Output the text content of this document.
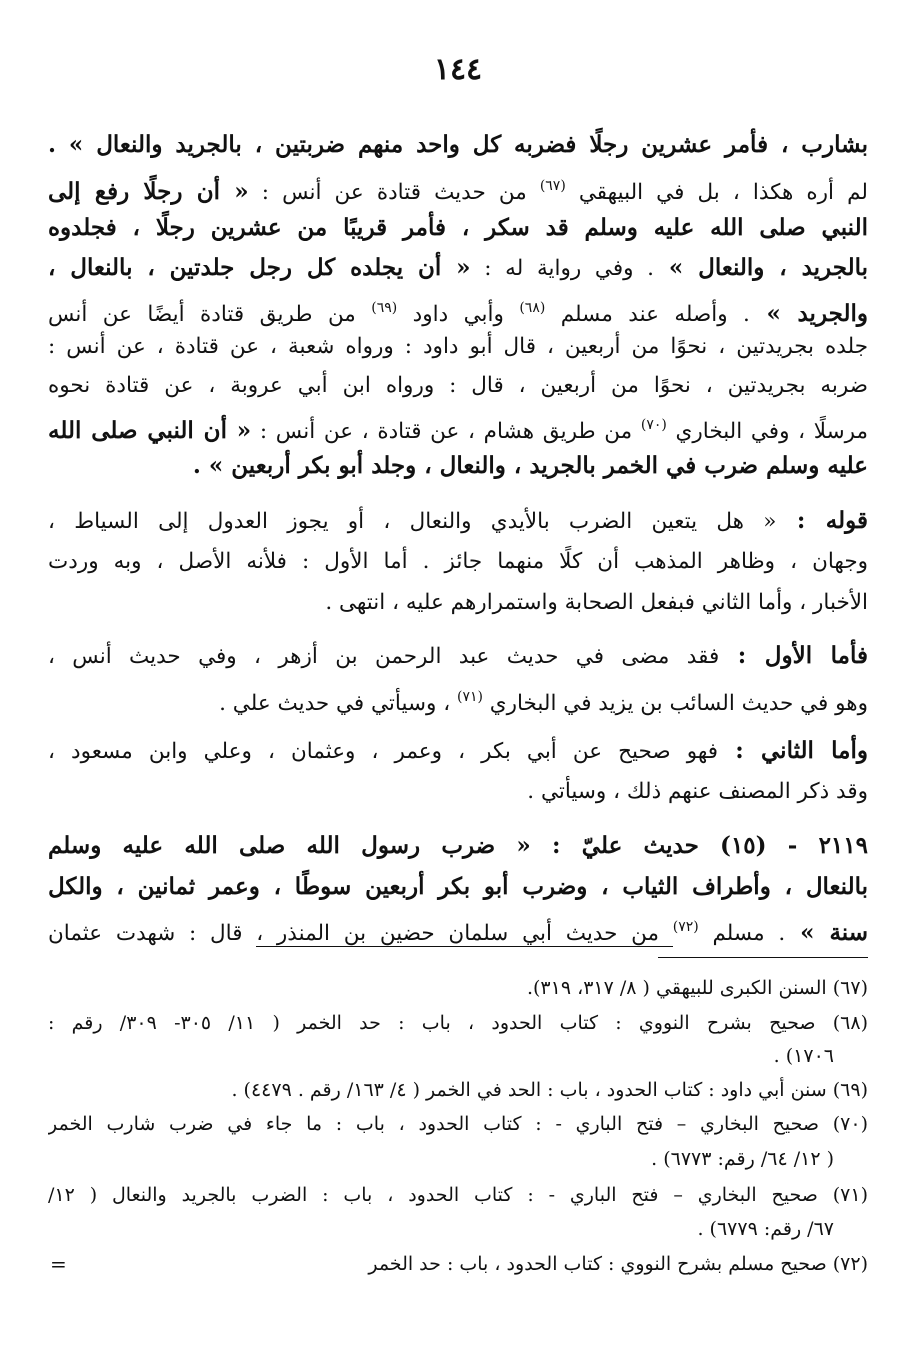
١٤٤
بشارب ، فأمر عشرين رجلًا فضربه كل واحد منهم ضربتين ، بالجريد والنعال » .
لم أره هكذا ، بل في البيهقي $^{(٦٧)}$ من حديث قتادة عن أنس : « أن رجلًا رفع إلى
النبي صلى الله عليه وسلم قد سكر ، فأمر قريبًا من عشرين رجلًا ، فجلدوه
بالجريد ، والنعال » . وفي رواية له : « أن يجلده كل رجل جلدتين ، بالنعال ،
والجريد » . وأصله عند مسلم $^{(٦٨)}$ وأبي داود $^{(٦٩)}$ من طريق قتادة أيضًا عن أنس
جلده بجريدتين ، نحوًا من أربعين ، قال أبو داود : ورواه شعبة ، عن قتادة ، عن أنس :
ضربه بجريدتين ، نحوًا من أربعين ، قال : ورواه ابن أبي عروبة ، عن قتادة نحوه
مرسلًا ، وفي البخاري $^{(٧٠)}$ من طريق هشام ، عن قتادة ، عن أنس : « أن النبي صلى الله
عليه وسلم ضرب في الخمر بالجريد ، والنعال ، وجلد أبو بكر أربعين » .
قوله : « هل يتعين الضرب بالأيدي والنعال ، أو يجوز العدول إلى السياط ،
وجهان ، وظاهر المذهب أن كلًا منهما جائز . أما الأول : فلأنه الأصل ، وبه وردت
الأخبار ، وأما الثاني فبفعل الصحابة واستمرارهم عليه ، انتهى .
فأما الأول : فقد مضى في حديث عبد الرحمن بن أزهر ، وفي حديث أنس ،
وهو في حديث السائب بن يزيد في البخاري $^{(٧١)}$ ، وسيأتي في حديث علي .
وأما الثاني : فهو صحيح عن أبي بكر ، وعمر ، وعثمان ، وعلي وابن مسعود ،
وقد ذكر المصنف عنهم ذلك ، وسيأتي .
٢١١٩ - (١٥) حديث عليّ : « ضرب رسول الله صلى الله عليه وسلم
بالنعال ، وأطراف الثياب ، وضرب أبو بكر أربعين سوطًا ، وعمر ثمانين ، والكل
سنة » . مسلم $^{(٧٢)}$ من حديث أبي سلمان حضين بن المنذر ، قال : شهدت عثمان
(٦٧) السنن الكبرى للبيهقي ( ٨/ ٣١٧، ٣١٩).
(٦٨) صحيح بشرح النووي : كتاب الحدود ، باب : حد الخمر ( ١١/ ٣٠٥- ٣٠٩/ رقم :
١٧٠٦) .
(٦٩) سنن أبي داود : كتاب الحدود ، باب : الحد في الخمر ( ٤/ ١٦٣/ رقم . ٤٤٧٩) .
(٧٠) صحيح البخاري – فتح الباري - : كتاب الحدود ، باب : ما جاء في ضرب شارب الخمر
( ١٢/ ٦٤/ رقم: ٦٧٧٣) .
(٧١) صحيح البخاري – فتح الباري - : كتاب الحدود ، باب : الضرب بالجريد والنعال ( ١٢/
٦٧/ رقم: ٦٧٧٩) .
(٧٢) صحيح مسلم بشرح النووي : كتاب الحدود ، باب : حد الخمر
=
